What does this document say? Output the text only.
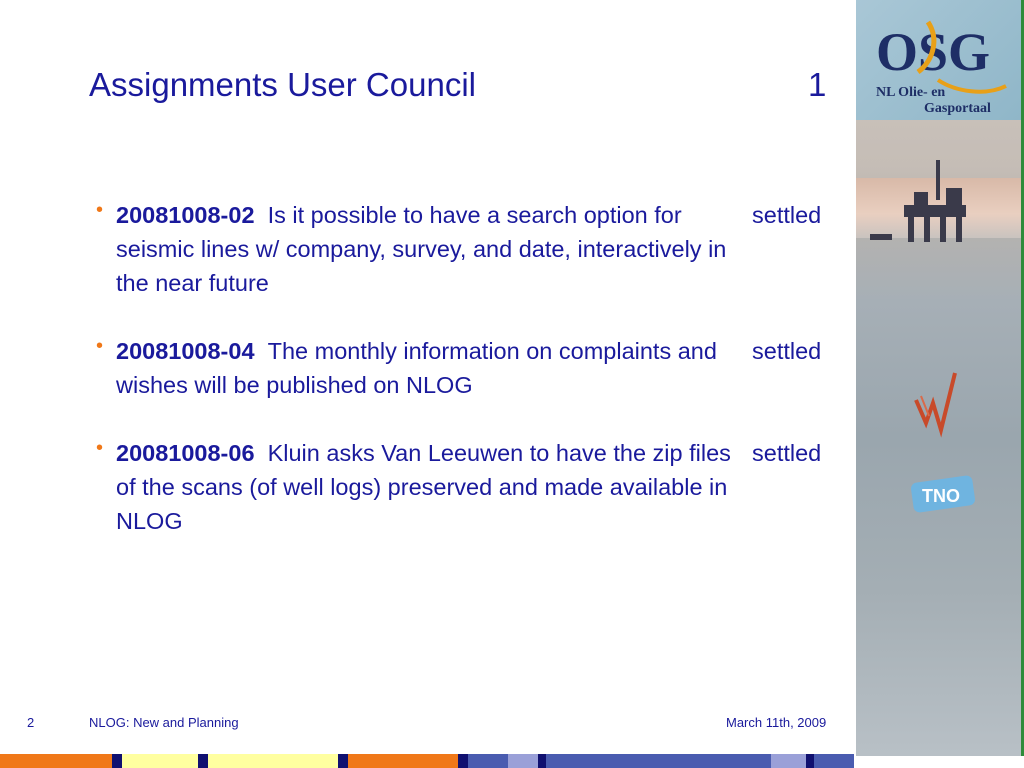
Assignments User Council	1
• 20081008-02 Is it possible to have a search option for seismic lines w/ company, survey, and date, interactively in the near future
settled
• 20081008-04 The monthly information on complaints and wishes will be published on NLOG
settled
• 20081008-06 Kluin asks Van Leeuwen to have the zip files of the scans (of well logs) preserved and made available in NLOG
settled
2	NLOG: New and Planning	March 11th, 2009
OSG
NL Olie- en
Gasportaal
TNO
